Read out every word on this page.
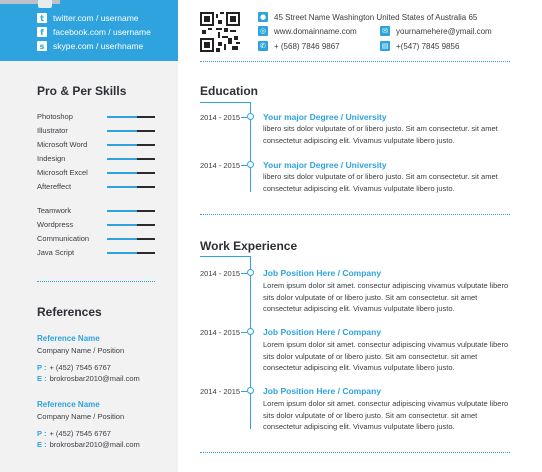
t	twitter.com / username
f	facebook.com / username
s	skype.com / userhname
Pro & Per Skills
Photoshop
Illustrator
Microsoft Word
Indesign
Microsoft Excel
Aftereffect
Teamwork
Wordpress
Communication
Java Script
References
Reference Name
Company Name / Position
P : + (452) 7545 6767
E : brokrosbar2010@mail.com
Reference Name
Company Name / Position
P : + (452) 7545 6767
E : brokrosbar2010@mail.com
● 45 Street Name Washington United States of Australia 65
◎ www.domainname.com	✉ yournamehere@ymail.com
✆ + (568) 7846 9867	▤ +(547) 7845 9856
Education
2014 - 2015	Your major Degree / University
libero sits dolor vulputate of or libero justo. Sit am consectetur. sit amet consectetur adipiscing elit. Vivamus vulputate libero justo.
2014 - 2015	Your major Degree / University
libero sits dolor vulputate of or libero justo. Sit am consectetur. sit amet consectetur adipiscing elit. Vivamus vulputate libero justo.
Work Experience
2014 - 2015	Job Position Here / Company
Lorem ipsum dolor sit amet. consectur adipiscing vivamus vulputate libero sits dolor vulputate of or libero justo. Sit am consectetur. sit amet consectetur adipiscing elit. Vivamus vulputate libero justo.
2014 - 2015	Job Position Here / Company
Lorem ipsum dolor sit amet. consectur adipiscing vivamus vulputate libero sits dolor vulputate of or libero justo. Sit am consectetur. sit amet consectetur adipiscing elit. Vivamus vulputate libero justo.
2014 - 2015	Job Position Here / Company
Lorem ipsum dolor sit amet. consectur adipiscing vivamus vulputate libero sits dolor vulputate of or libero justo. Sit am consectetur. sit amet consectetur adipiscing elit. Vivamus vulputate libero justo.
